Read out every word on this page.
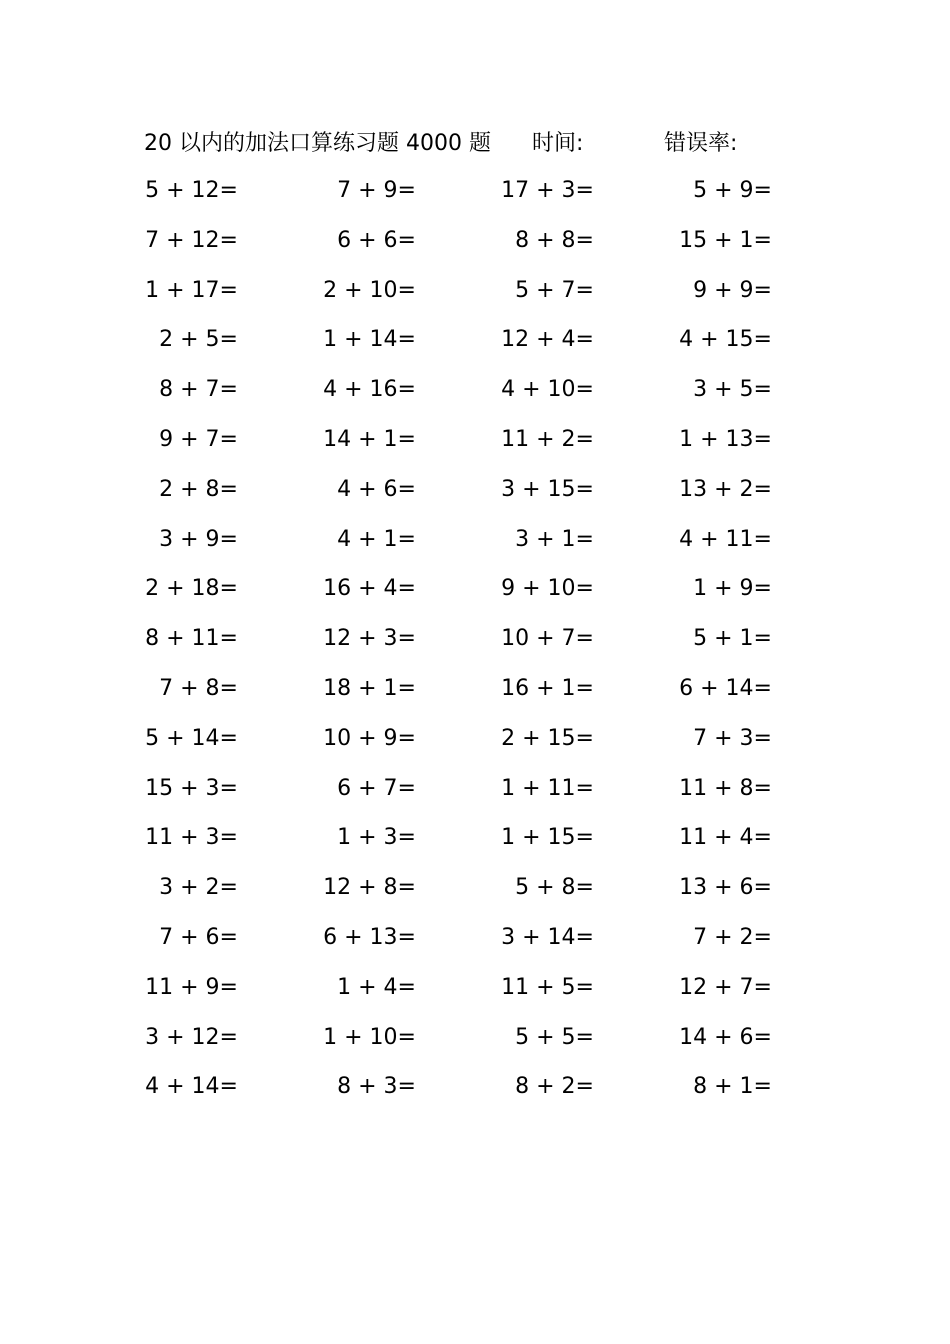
20 以内的加法口算练习题 4000 题 时间:	错误率:
5 + 12=	7 + 9=	17 + 3=	5 + 9=
7 + 12=	6 + 6=	8 + 8=	15 + 1=
1 + 17=	2 + 10=	5 + 7=	9 + 9=
2 + 5=	1 + 14=	12 + 4=	4 + 15=
8 + 7=	4 + 16=	4 + 10=	3 + 5=
9 + 7=	14 + 1=	11 + 2=	1 + 13=
2 + 8=	4 + 6=	3 + 15=	13 + 2=
3 + 9=	4 + 1=	3 + 1=	4 + 11=
2 + 18=	16 + 4=	9 + 10=	1 + 9=
8 + 11=	12 + 3=	10 + 7=	5 + 1=
7 + 8=	18 + 1=	16 + 1=	6 + 14=
5 + 14=	10 + 9=	2 + 15=	7 + 3=
15 + 3=	6 + 7=	1 + 11=	11 + 8=
11 + 3=	1 + 3=	1 + 15=	11 + 4=
3 + 2=	12 + 8=	5 + 8=	13 + 6=
7 + 6=	6 + 13=	3 + 14=	7 + 2=
11 + 9=	1 + 4=	11 + 5=	12 + 7=
3 + 12=	1 + 10=	5 + 5=	14 + 6=
4 + 14=	8 + 3=	8 + 2=	8 + 1=
